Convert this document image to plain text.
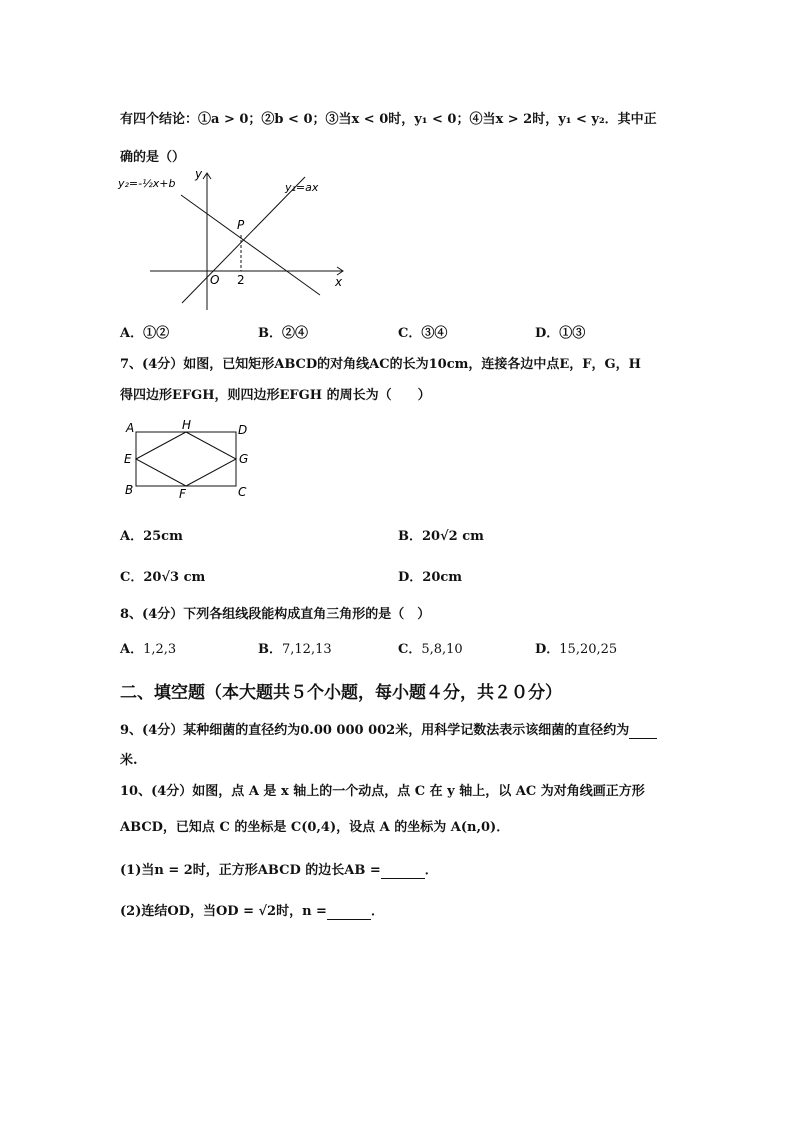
有四个结论：①a > 0；②b < 0；③当x < 0时，y₁ < 0；④当x > 2时，y₁ < y₂．其中正
确的是（）
y₂=-½x+b	y₁=ax
y
x
O
P
2
A．①②	B．②④	C．③④	D．①③
7、(4分）如图，已知矩形ABCD的对角线AC的长为10cm，连接各边中点E，F，G，H
得四边形EFGH，则四边形EFGH 的周长为（　　）
A	H	D
E	G
B	F	C
A．25cm	B．20√2 cm
C．20√3 cm	D．20cm
8、(4分）下列各组线段能构成直角三角形的是（　）
A．1,2,3	B．7,12,13	C．5,8,10	D．15,20,25
二、填空题（本大题共５个小题，每小题４分，共２０分）
9、(4分）某种细菌的直径约为0.00 000 002米，用科学记数法表示该细菌的直径约为
米.
10、(4分）如图，点 A 是 x 轴上的一个动点，点 C 在 y 轴上，以 AC 为对角线画正方形
ABCD，已知点 C 的坐标是 C(0,4)，设点 A 的坐标为 A(n,0)．
(1)当n = 2时，正方形ABCD 的边长AB =	．
(2)连结OD，当OD = √2时，n =	．
